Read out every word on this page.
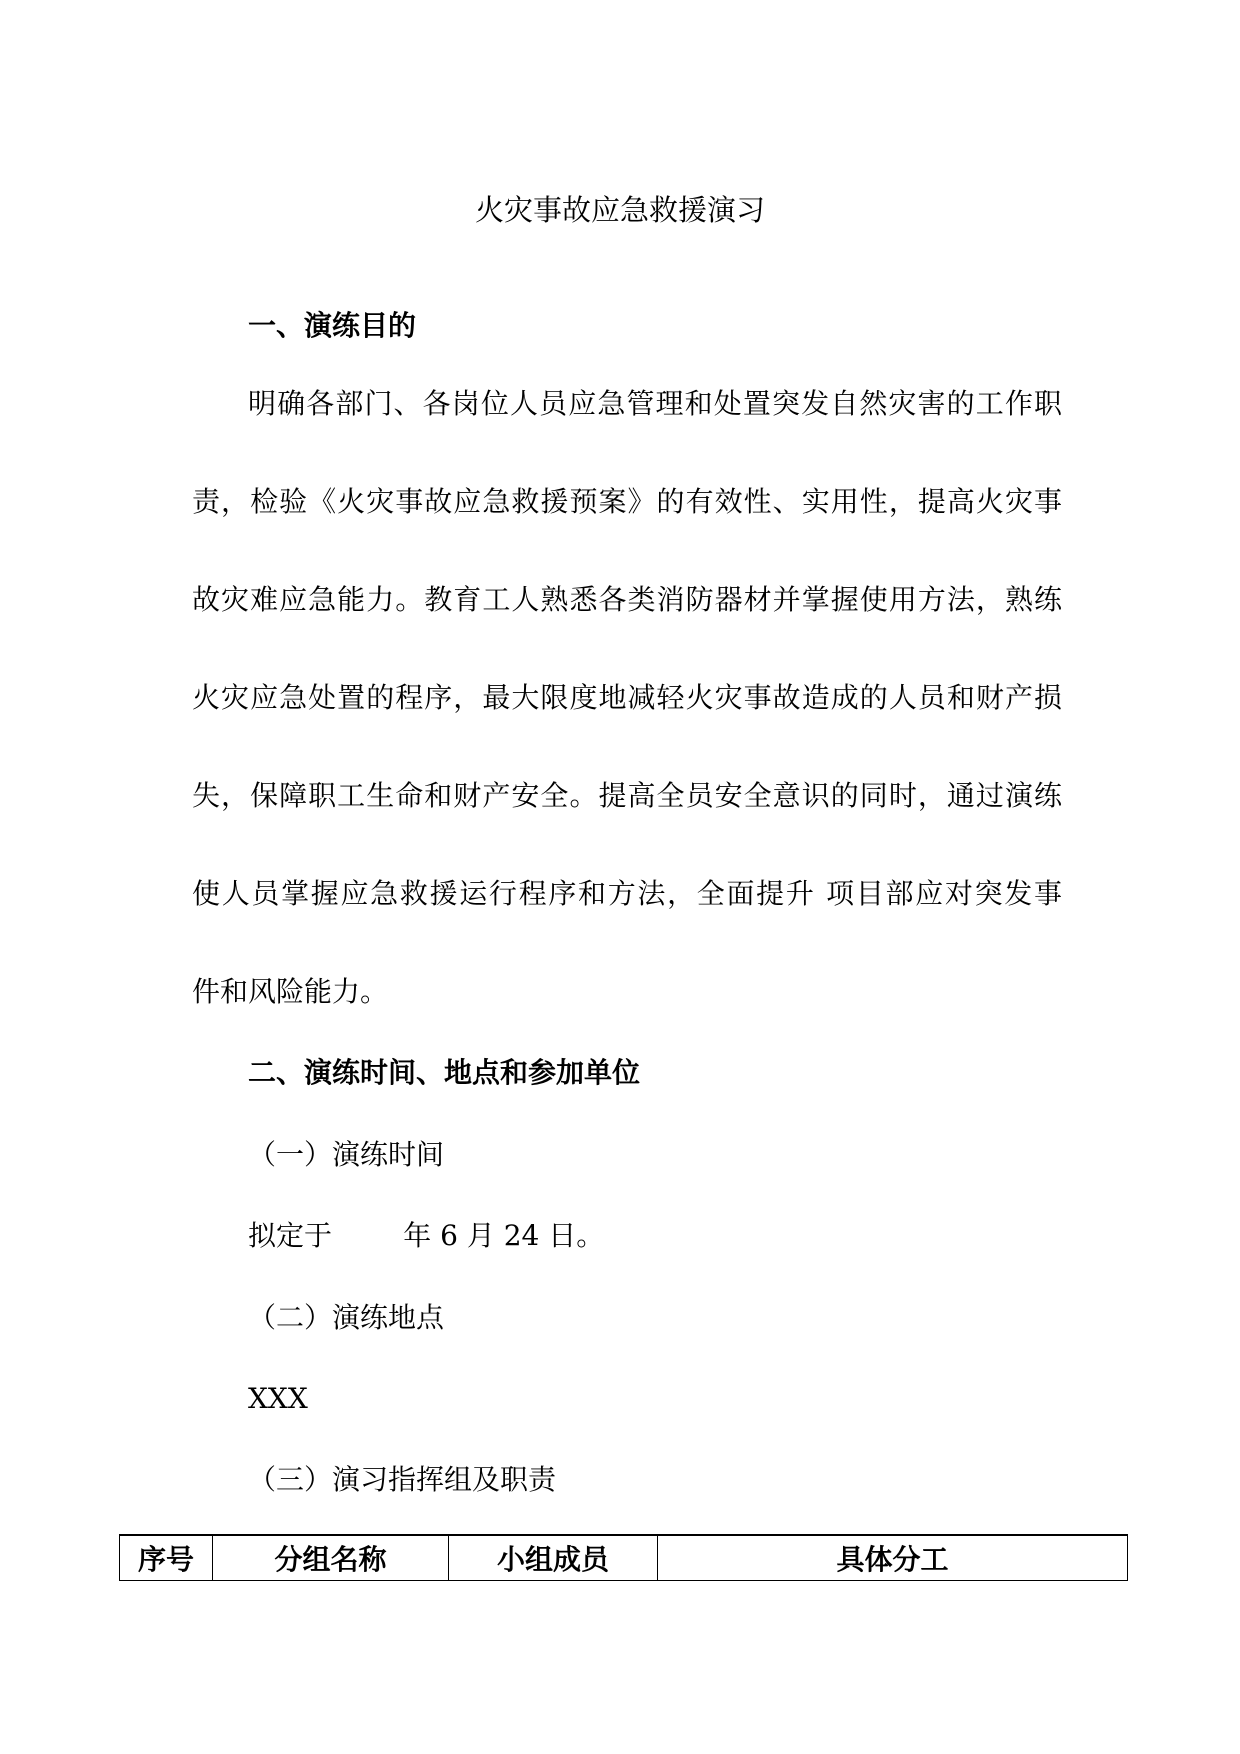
火灾事故应急救援演习
一、演练目的
明确各部门、各岗位人员应急管理和处置突发自然灾害的工作职
责，检验《火灾事故应急救援预案》的有效性、实用性，提高火灾事
故灾难应急能力。教育工人熟悉各类消防器材并掌握使用方法，熟练
火灾应急处置的程序，最大限度地减轻火灾事故造成的人员和财产损
失，保障职工生命和财产安全。提高全员安全意识的同时，通过演练
使人员掌握应急救援运行程序和方法，全面提升 项目部应对突发事
件和风险能力。
二、演练时间、地点和参加单位
（一）演练时间
拟定于        年 6 月 24 日。
（二）演练地点
XXX
（三）演习指挥组及职责
序号	分组名称	小组成员	具体分工
